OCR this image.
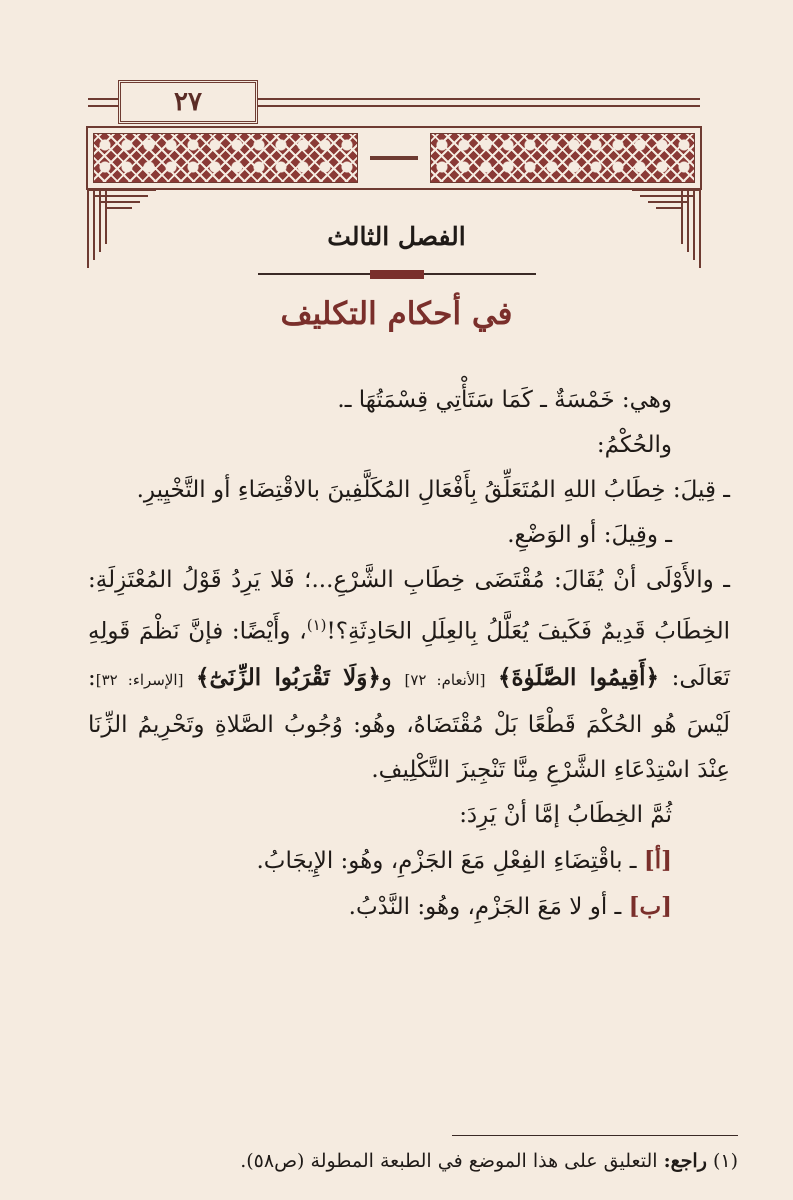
٢٧
الفصل الثالث
في أحكام التكليف

وهي: خَمْسَةٌ ـ كَمَا سَتَأْتِي قِسْمَتُهَا ـ.

والحُكْمُ:

ـ قِيلَ: خِطَابُ اللهِ المُتَعَلِّقُ بِأَفْعَالِ المُكَلَّفِينَ بالاقْتِضَاءِ أو التَّخْيِيرِ.

ـ وقِيلَ: أو الوَضْعِ.

ـ والأَوْلَى أنْ يُقَالَ: مُقْتَضَى خِطَابِ الشَّرْعِ...؛ فَلا يَرِدُ قَوْلُ المُعْتَزِلَةِ: الخِطَابُ قَدِيمٌ فَكَيفَ يُعَلَّلُ بِالعِلَلِ الحَادِثَةِ؟!$^{(١)}$، وأَيْضًا: فإنَّ نَظْمَ قَولِهِ تَعَالَى: ﴿أَقِيمُوا الصَّلَوٰةَ﴾ [الأنعام: ٧٢] و﴿وَلَا تَقْرَبُوا الزِّنَىٰٓ﴾ [الإسراء: ٣٢]: لَيْسَ هُو الحُكْمَ قَطْعًا بَلْ مُقْتَضَاهُ، وهُو: وُجُوبُ الصَّلاةِ وتَحْرِيمُ الزِّنَا عِنْدَ اسْتِدْعَاءِ الشَّرْعِ مِنَّا تَنْجِيزَ التَّكْلِيفِ.

ثُمَّ الخِطَابُ إمَّا أنْ يَرِدَ:

[أ] ـ باقْتِضَاءِ الفِعْلِ مَعَ الجَزْمِ، وهُو: الإِيجَابُ.

[ب] ـ أو لا مَعَ الجَزْمِ، وهُو: النَّدْبُ.

(١) راجع: التعليق على هذا الموضع في الطبعة المطولة (ص٥٨).
